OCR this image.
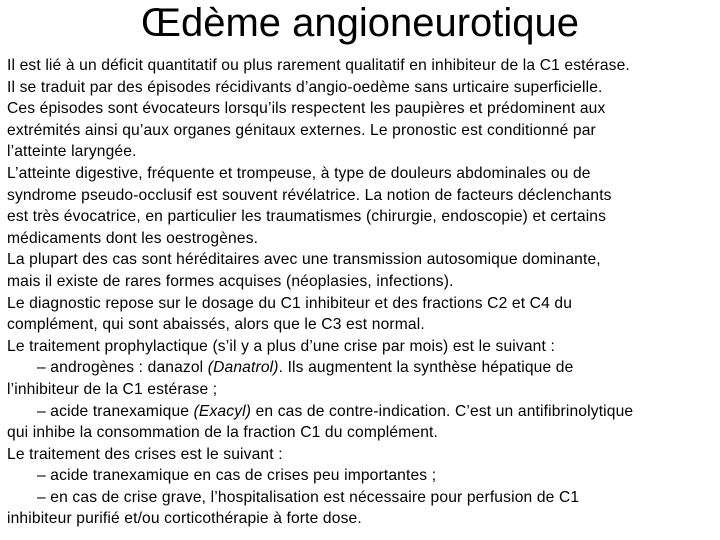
Œdème angioneurotique
Il est lié à un déficit quantitatif ou plus rarement qualitatif en inhibiteur de la C1 estérase.
Il se traduit par des épisodes récidivants d’angio-oedème sans urticaire superficielle.
Ces épisodes sont évocateurs lorsqu’ils respectent les paupières et prédominent aux
extrémités ainsi qu’aux organes génitaux externes. Le pronostic est conditionné par
l’atteinte laryngée.
L’atteinte digestive, fréquente et trompeuse, à type de douleurs abdominales ou de
syndrome pseudo-occlusif est souvent révélatrice. La notion de facteurs déclenchants
est très évocatrice, en particulier les traumatismes (chirurgie, endoscopie) et certains
médicaments dont les oestrogènes.
La plupart des cas sont héréditaires avec une transmission autosomique dominante,
mais il existe de rares formes acquises (néoplasies, infections).
Le diagnostic repose sur le dosage du C1 inhibiteur et des fractions C2 et C4 du
complément, qui sont abaissés, alors que le C3 est normal.
Le traitement prophylactique (s’il y a plus d’une crise par mois) est le suivant :
– androgènes : danazol (Danatrol). Ils augmentent la synthèse hépatique de
l’inhibiteur de la C1 estérase ;
– acide tranexamique (Exacyl) en cas de contre-indication. C’est un antifibrinolytique
qui inhibe la consommation de la fraction C1 du complément.
Le traitement des crises est le suivant :
– acide tranexamique en cas de crises peu importantes ;
– en cas de crise grave, l’hospitalisation est nécessaire pour perfusion de C1
inhibiteur purifié et/ou corticothérapie à forte dose.
